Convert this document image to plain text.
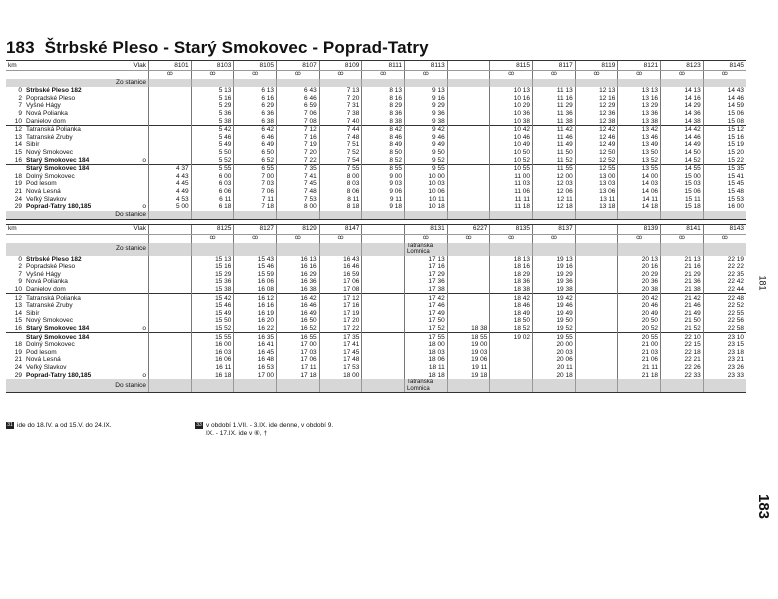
183 Štrbské Pleso - Starý Smokovec - Poprad-Tatry
km	Vlak	8101	8103	8105	8107	8109	8111	8113		8115	8117	8119	8121	8123	8145
		ꝏ	ꝏ	ꝏ	ꝏ	ꝏ	ꝏ	ꝏ		ꝏ	ꝏ	ꝏ	ꝏ	ꝏ	ꝏ
	Zo stanice														
0	Štrbské Pleso 182		5 13	6 13	6 43	7 13	8 13	9 13		10 13	11 13	12 13	13 13	14 13	14 43
2	Popradské Pleso		5 16	6 16	6 46	7 20	8 16	9 16		10 16	11 16	12 16	13 16	14 16	14 46
7	Vyšné Hágy		5 29	6 29	6 59	7 31	8 29	9 29		10 29	11 29	12 29	13 29	14 29	14 59
9	Nová Polianka		5 36	6 36	7 06	7 38	8 36	9 36		10 36	11 36	12 36	13 36	14 36	15 06
10	Danielov dom		5 38	6 38	7 08	7 40	8 38	9 38		10 38	11 38	12 38	13 38	14 38	15 08
12	Tatranská Polianka		5 42	6 42	7 12	7 44	8 42	9 42		10 42	11 42	12 42	13 42	14 42	15 12
13	Tatranské Zruby		5 46	6 46	7 16	7 48	8 46	9 46		10 46	11 46	12 46	13 46	14 46	15 16
14	Sibír		5 49	6 49	7 19	7 51	8 49	9 49		10 49	11 49	12 49	13 49	14 49	15 19
15	Nový Smokovec		5 50	6 50	7 20	7 52	8 50	9 50		10 50	11 50	12 50	13 50	14 50	15 20
16	Starý Smokovec 184 o		5 52	6 52	7 22	7 54	8 52	9 52		10 52	11 52	12 52	13 52	14 52	15 22
	Starý Smokovec 184	4 37	5 55	6 55	7 35	7 55	8 55	9 55		10 55	11 55	12 55	13 55	14 55	15 35
18	Dolný Smokovec	4 43	6 00	7 00	7 41	8 00	9 00	10 00		11 00	12 00	13 00	14 00	15 00	15 41
19	Pod lesom	4 45	6 03	7 03	7 45	8 03	9 03	10 03		11 03	12 03	13 03	14 03	15 03	15 45
21	Nová Lesná	4 49	6 06	7 06	7 48	8 06	9 06	10 06		11 06	12 06	13 06	14 06	15 06	15 48
24	Veľký Slavkov	4 53	6 11	7 11	7 53	8 11	9 11	10 11		11 11	12 11	13 11	14 11	15 11	15 53
29	Poprad-Tatry 180,185 o	5 00	6 18	7 18	8 00	8 18	9 18	10 18		11 18	12 18	13 18	14 18	15 18	16 00
	Do stanice														
km	Vlak		8125	8127	8129	8147		8131	6227	8135	8137		8139	8141	8143
			ꝏ	ꝏ	ꝏ	ꝏ		ꝏ	ꝏ	ꝏ	ꝏ		ꝏ	ꝏ	ꝏ
	Zo stanice							Tatranská Lomnica							
0	Štrbské Pleso 182		15 13	15 43	16 13	16 43		17 13		18 13	19 13		20 13	21 13	22 19
2	Popradské Pleso		15 16	15 46	16 16	16 46		17 16		18 16	19 16		20 16	21 16	22 22
7	Vyšné Hágy		15 29	15 59	16 29	16 59		17 29		18 29	19 29		20 29	21 29	22 35
9	Nová Polianka		15 36	16 06	16 36	17 06		17 36		18 36	19 36		20 36	21 36	22 42
10	Danielov dom		15 38	16 08	16 38	17 08		17 38		18 38	19 38		20 38	21 38	22 44
12	Tatranská Polianka		15 42	16 12	16 42	17 12		17 42		18 42	19 42		20 42	21 42	22 48
13	Tatranské Zruby		15 46	16 16	16 46	17 16		17 46		18 46	19 46		20 46	21 46	22 52
14	Sibír		15 49	16 19	16 49	17 19		17 49		18 49	19 49		20 49	21 49	22 55
15	Nový Smokovec		15 50	16 20	16 50	17 20		17 50		18 50	19 50		20 50	21 50	22 56
16	Starý Smokovec 184 o		15 52	16 22	16 52	17 22		17 52	18 38	18 52	19 52		20 52	21 52	22 58
	Starý Smokovec 184		15 55	16 35	16 55	17 35		17 55	18 55	19 02	19 55		20 55	22 10	23 10
18	Dolný Smokovec		16 00	16 41	17 00	17 41		18 00	19 00		20 00		21 00	22 15	23 15
19	Pod lesom		16 03	16 45	17 03	17 45		18 03	19 03		20 03		21 03	22 18	23 18
21	Nová Lesná		16 06	16 48	17 06	17 48		18 06	19 06		20 06		21 06	22 21	23 21
24	Veľký Slavkov		16 11	16 53	17 11	17 53		18 11	19 11		20 11		21 11	22 26	23 26
29	Poprad-Tatry 180,185 o		16 18	17 00	17 18	18 00		18 18	19 18		20 18		21 18	22 33	23 33
	Do stanice							Tatranská Lomnica							
31 ide do 18.IV. a od 15.V. do 24.IX.	33 v období 1.VII. - 3.IX. ide denne, v období 9.
IX. - 17.IX. ide v ⑥, †
181
183
